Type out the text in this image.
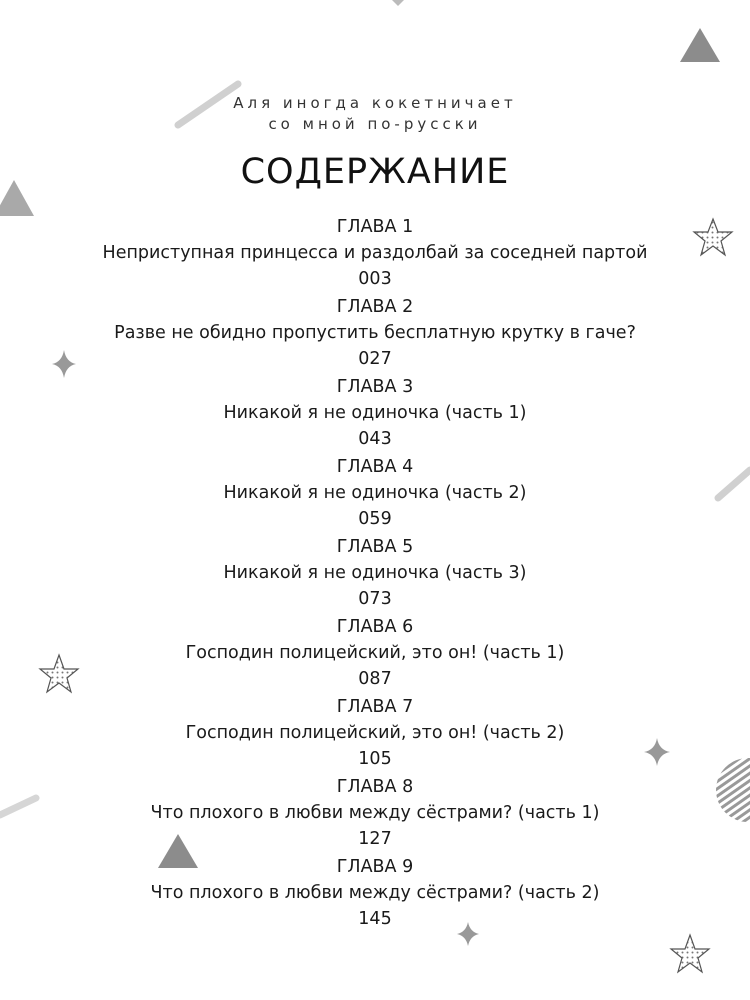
Аля иногда кокетничает
со мной по-русски
СОДЕРЖАНИЕ
ГЛАВА 1
Неприступная принцесса и раздолбай за соседней партой
003
ГЛАВА 2
Разве не обидно пропустить бесплатную крутку в гаче?
027
ГЛАВА 3
Никакой я не одиночка (часть 1)
043
ГЛАВА 4
Никакой я не одиночка (часть 2)
059
ГЛАВА 5
Никакой я не одиночка (часть 3)
073
ГЛАВА 6
Господин полицейский, это он! (часть 1)
087
ГЛАВА 7
Господин полицейский, это он! (часть 2)
105
ГЛАВА 8
Что плохого в любви между сёстрами? (часть 1)
127
ГЛАВА 9
Что плохого в любви между сёстрами? (часть 2)
145
